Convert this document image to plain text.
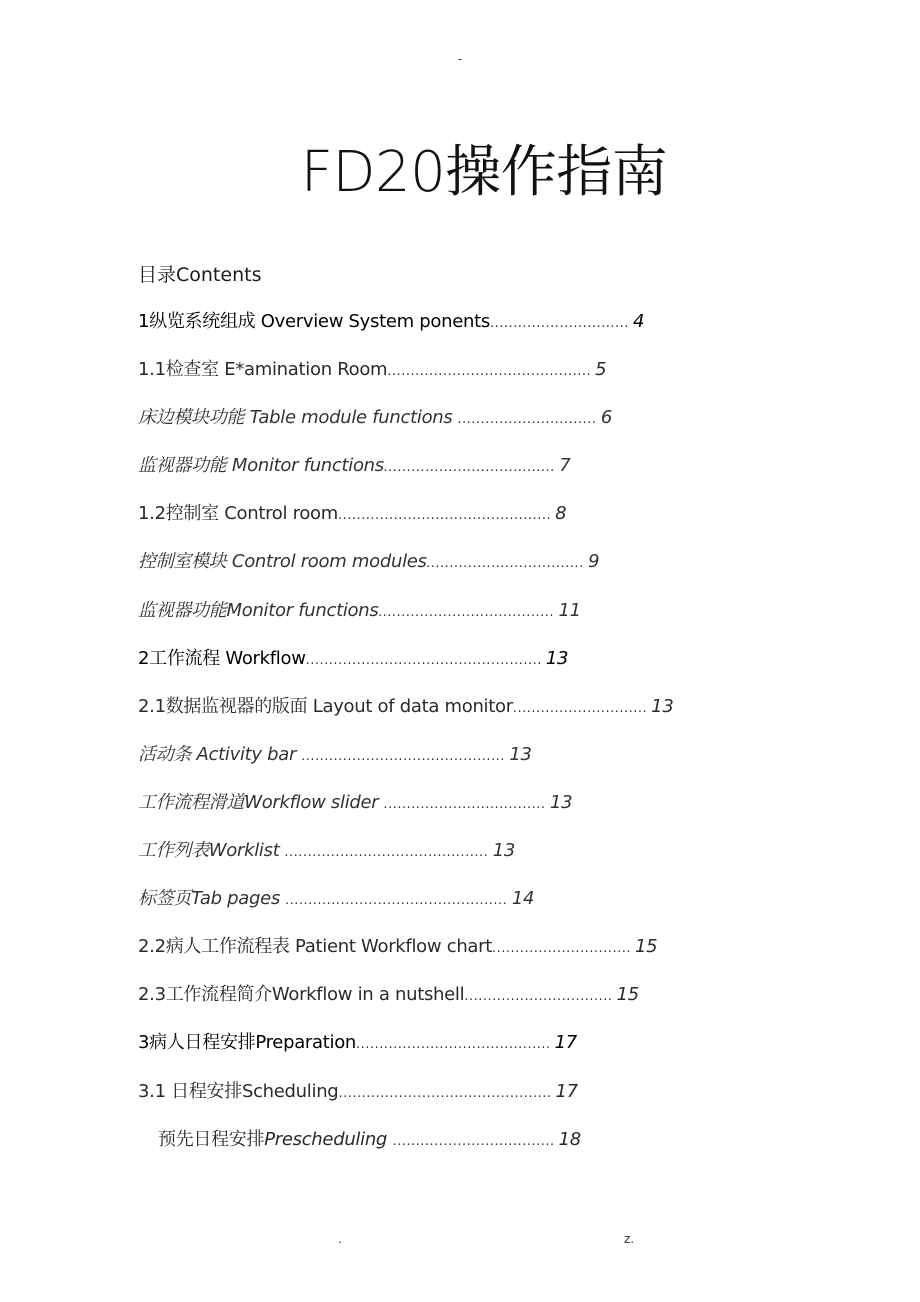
-
FD20操作指南
目录Contents
1纵览系统组成 Overview System ponents.............................. 4
1.1检查室 E*amination Room............................................ 5
床边模块功能 Table module functions .............................. 6
监视器功能 Monitor functions..................................... 7
1.2控制室 Control room.............................................. 8
控制室模块 Control room modules.................................. 9
监视器功能Monitor functions...................................... 11
2工作流程 Workflow................................................... 13
2.1数据监视器的版面 Layout of data monitor............................. 13
活动条 Activity bar ............................................ 13
工作流程滑道Workflow slider ................................... 13
工作列表Worklist ............................................ 13
标签页Tab pages ................................................ 14
2.2病人工作流程表 Patient Workflow chart.............................. 15
2.3工作流程简介Workflow in a nutshell................................ 15
3病人日程安排Preparation.......................................... 17
3.1 日程安排Scheduling.............................................. 17
预先日程安排Prescheduling ................................... 18
.	z.
